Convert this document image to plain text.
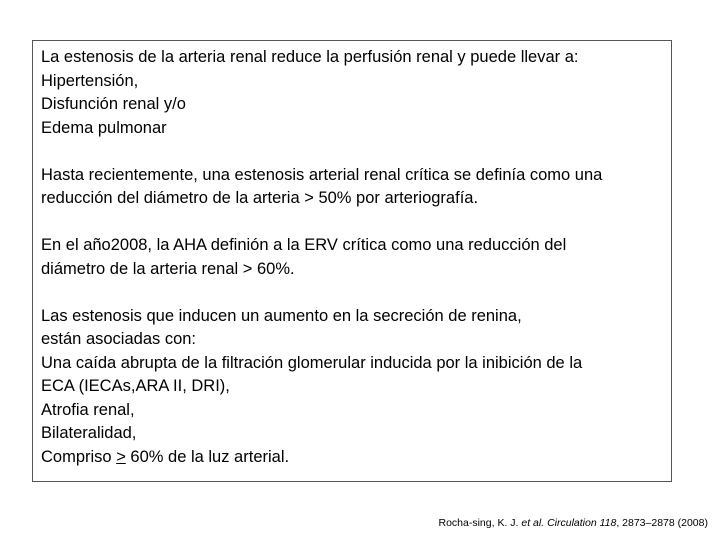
La estenosis de la arteria renal reduce la perfusión renal y puede llevar a:
Hipertensión,
Disfunción renal y/o
Edema pulmonar
Hasta recientemente, una estenosis arterial renal crítica se definía como una
reducción del diámetro de la arteria > 50% por arteriografía.
En el año2008, la AHA definión a la ERV crítica como una reducción del
diámetro de la arteria renal > 60%.
Las estenosis que inducen un aumento en la secreción de renina,
están asociadas con:
Una caída abrupta de la filtración glomerular inducida por la inibición de la
ECA (IECAs,ARA II, DRI),
Atrofia renal,
Bilateralidad,
Compriso ≥ 60% de la luz arterial.
Rocha-sing, K. J. et al. Circulation 118, 2873–2878 (2008)
